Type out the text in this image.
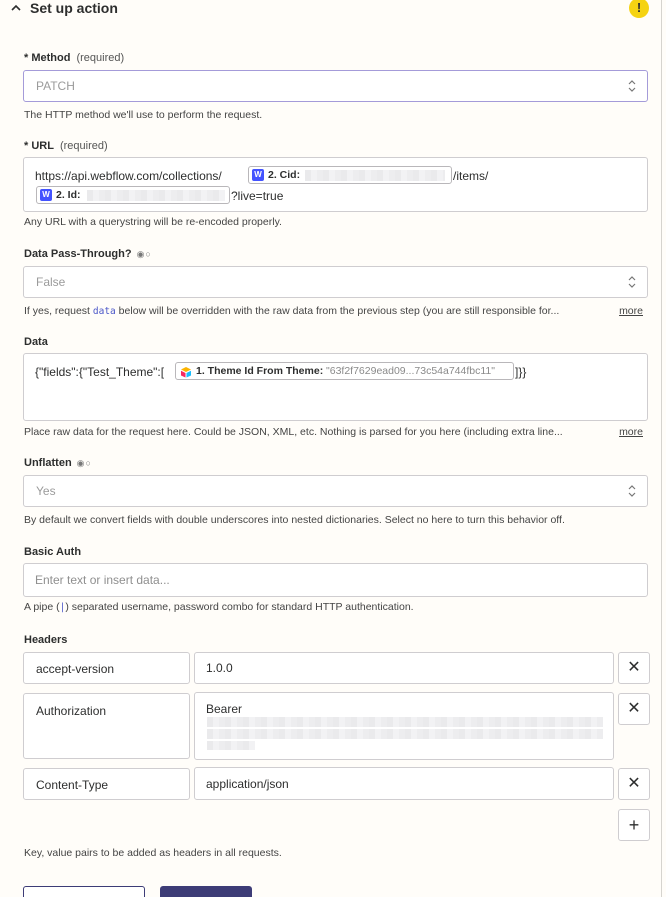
Set up action	!
* Method (required)
PATCH
The HTTP method we'll use to perform the request.
* URL (required)
https://api.webflow.com/collections/	W 2. Cid:	/items/
W 2. Id:	?live=true
Any URL with a querystring will be re-encoded properly.
Data Pass-Through? ◉○
False
If yes, request data below will be overridden with the raw data from the previous step (you are still responsible for...	more
Data
{"fields":{"Test_Theme":[	1. Theme Id From Theme: "63f2f7629ead09...73c54a744fbc11" ]}}
Place raw data for the request here. Could be JSON, XML, etc. Nothing is parsed for you here (including extra line...	more
Unflatten ◉○
Yes
By default we convert fields with double underscores into nested dictionaries. Select no here to turn this behavior off.
Basic Auth
Enter text or insert data...
A pipe (|) separated username, password combo for standard HTTP authentication.
Headers
accept-version	1.0.0	✕
Authorization	Bearer	✕
Content-Type	application/json	✕
+
Key, value pairs to be added as headers in all requests.
